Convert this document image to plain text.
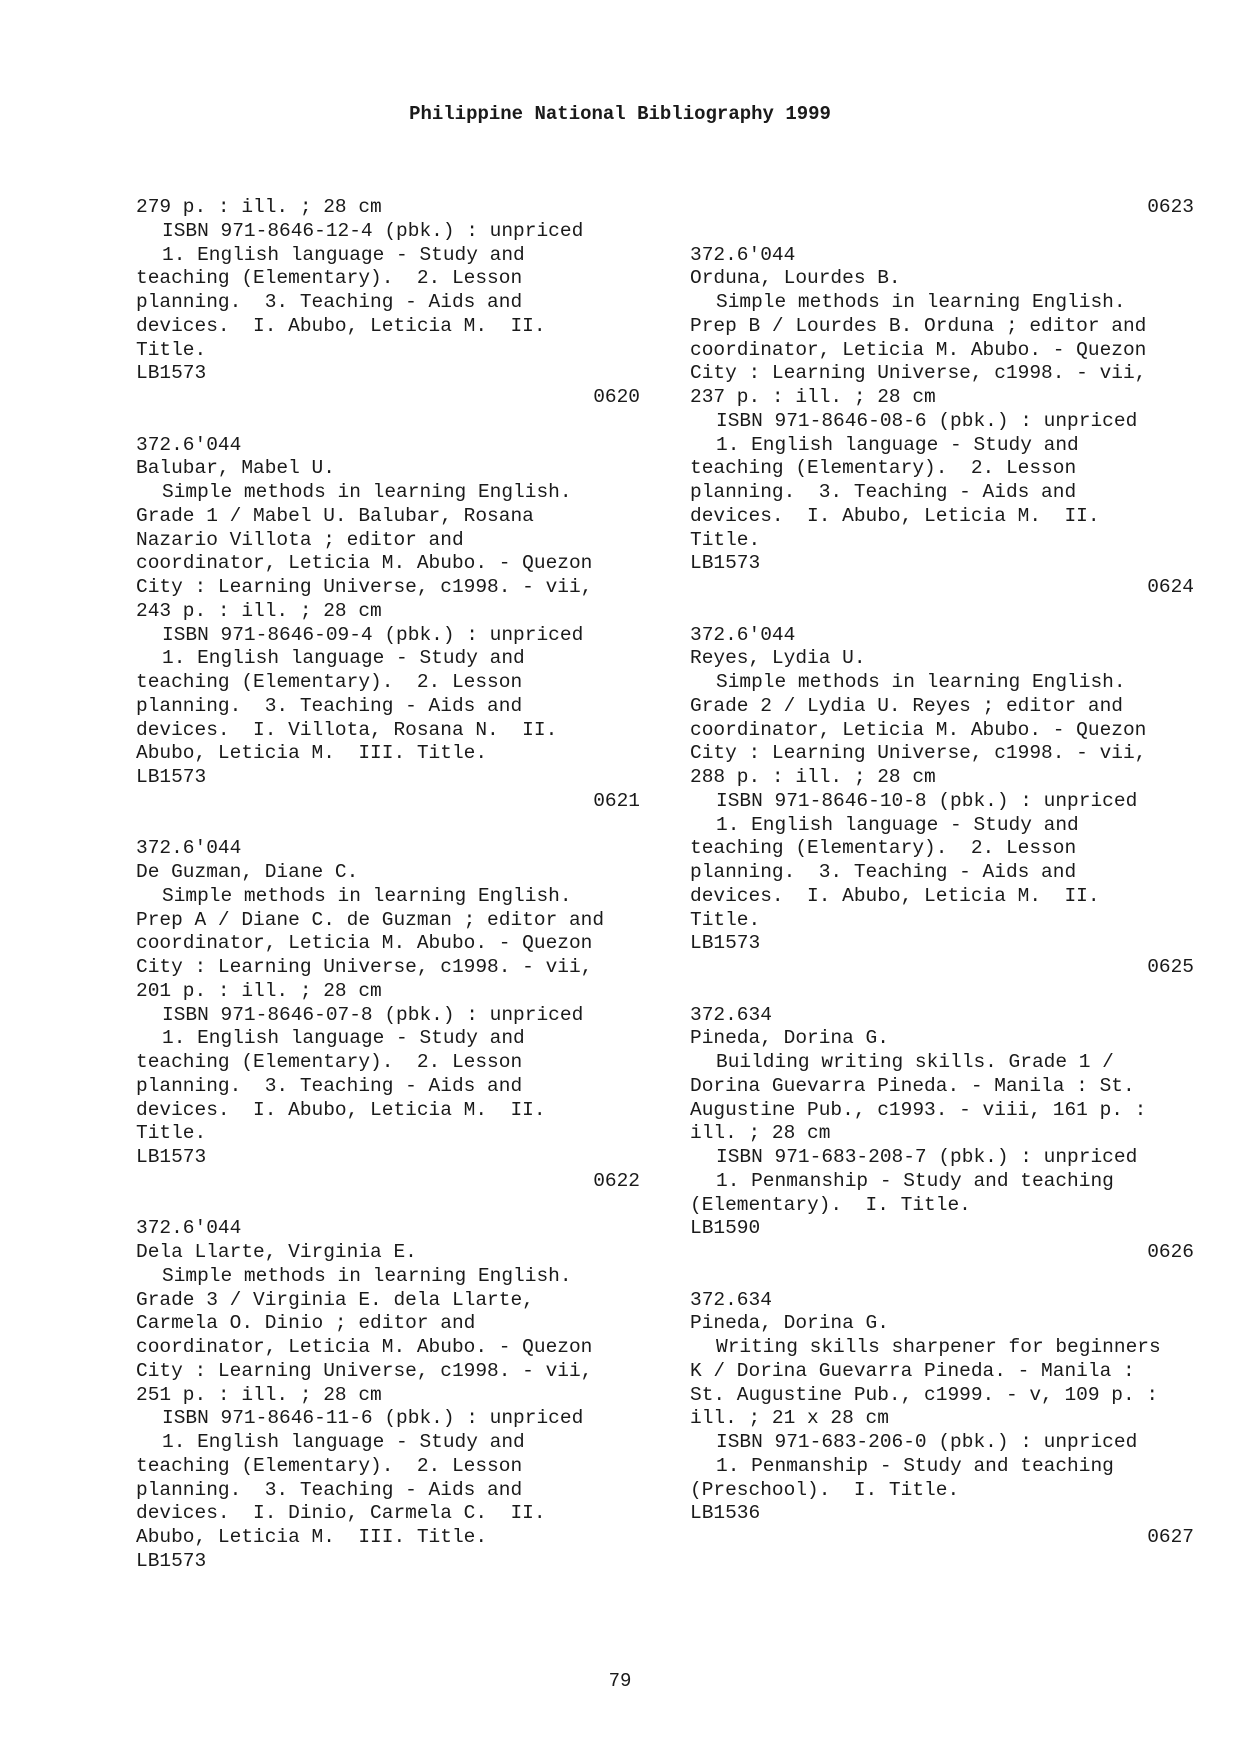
Philippine National Bibliography 1999
279 p. : ill. ; 28 cm
ISBN 971-8646-12-4 (pbk.) : unpriced
1. English language - Study and
teaching (Elementary).  2. Lesson
planning.  3. Teaching - Aids and
devices.  I. Abubo, Leticia M.  II.
Title.
LB1573
0620
372.6'044
Balubar, Mabel U.
Simple methods in learning English.
Grade 1 / Mabel U. Balubar, Rosana
Nazario Villota ; editor and
coordinator, Leticia M. Abubo. - Quezon
City : Learning Universe, c1998. - vii,
243 p. : ill. ; 28 cm
ISBN 971-8646-09-4 (pbk.) : unpriced
1. English language - Study and
teaching (Elementary).  2. Lesson
planning.  3. Teaching - Aids and
devices.  I. Villota, Rosana N.  II.
Abubo, Leticia M.  III. Title.
LB1573
0621
372.6'044
De Guzman, Diane C.
Simple methods in learning English.
Prep A / Diane C. de Guzman ; editor and
coordinator, Leticia M. Abubo. - Quezon
City : Learning Universe, c1998. - vii,
201 p. : ill. ; 28 cm
ISBN 971-8646-07-8 (pbk.) : unpriced
1. English language - Study and
teaching (Elementary).  2. Lesson
planning.  3. Teaching - Aids and
devices.  I. Abubo, Leticia M.  II.
Title.
LB1573
0622
372.6'044
Dela Llarte, Virginia E.
Simple methods in learning English.
Grade 3 / Virginia E. dela Llarte,
Carmela O. Dinio ; editor and
coordinator, Leticia M. Abubo. - Quezon
City : Learning Universe, c1998. - vii,
251 p. : ill. ; 28 cm
ISBN 971-8646-11-6 (pbk.) : unpriced
1. English language - Study and
teaching (Elementary).  2. Lesson
planning.  3. Teaching - Aids and
devices.  I. Dinio, Carmela C.  II.
Abubo, Leticia M.  III. Title.
LB1573
0623
372.6'044
Orduna, Lourdes B.
Simple methods in learning English.
Prep B / Lourdes B. Orduna ; editor and
coordinator, Leticia M. Abubo. - Quezon
City : Learning Universe, c1998. - vii,
237 p. : ill. ; 28 cm
ISBN 971-8646-08-6 (pbk.) : unpriced
1. English language - Study and
teaching (Elementary).  2. Lesson
planning.  3. Teaching - Aids and
devices.  I. Abubo, Leticia M.  II.
Title.
LB1573
0624
372.6'044
Reyes, Lydia U.
Simple methods in learning English.
Grade 2 / Lydia U. Reyes ; editor and
coordinator, Leticia M. Abubo. - Quezon
City : Learning Universe, c1998. - vii,
288 p. : ill. ; 28 cm
ISBN 971-8646-10-8 (pbk.) : unpriced
1. English language - Study and
teaching (Elementary).  2. Lesson
planning.  3. Teaching - Aids and
devices.  I. Abubo, Leticia M.  II.
Title.
LB1573
0625
372.634
Pineda, Dorina G.
Building writing skills. Grade 1 /
Dorina Guevarra Pineda. - Manila : St.
Augustine Pub., c1993. - viii, 161 p. :
ill. ; 28 cm
ISBN 971-683-208-7 (pbk.) : unpriced
1. Penmanship - Study and teaching
(Elementary).  I. Title.
LB1590
0626
372.634
Pineda, Dorina G.
Writing skills sharpener for beginners
K / Dorina Guevarra Pineda. - Manila :
St. Augustine Pub., c1999. - v, 109 p. :
ill. ; 21 x 28 cm
ISBN 971-683-206-0 (pbk.) : unpriced
1. Penmanship - Study and teaching
(Preschool).  I. Title.
LB1536
0627
79
